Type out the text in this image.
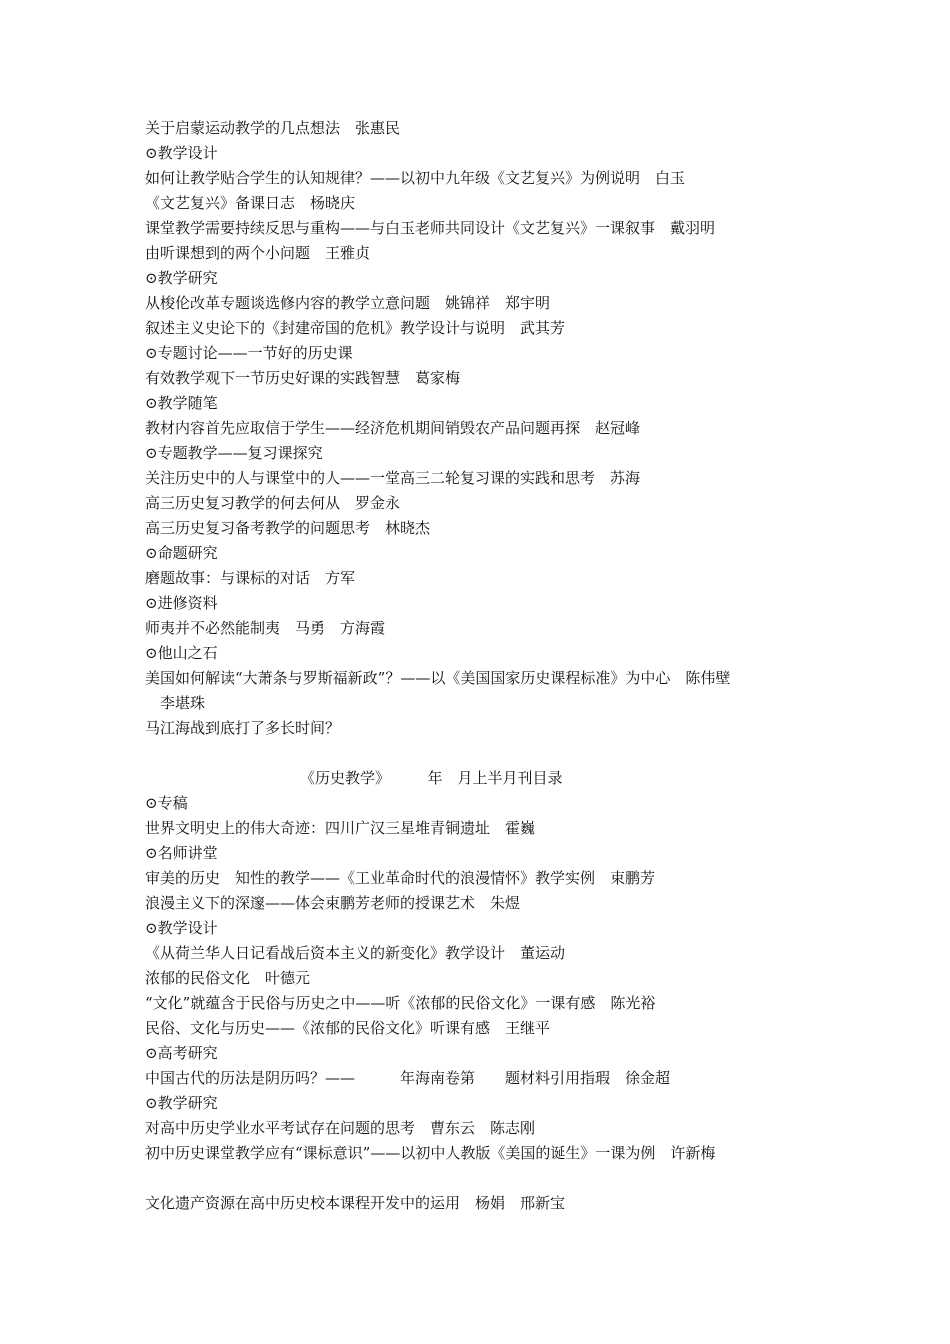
关于启蒙运动教学的几点想法　张惠民
⊙教学设计
如何让教学贴合学生的认知规律？——以初中九年级《文艺复兴》为例说明　白玉
《文艺复兴》备课日志　杨晓庆
课堂教学需要持续反思与重构——与白玉老师共同设计《文艺复兴》一课叙事　戴羽明
由听课想到的两个小问题　王雅贞
⊙教学研究
从梭伦改革专题谈选修内容的教学立意问题　姚锦祥　郑宇明
叙述主义史论下的《封建帝国的危机》教学设计与说明　武其芳
⊙专题讨论——一节好的历史课
有效教学观下一节历史好课的实践智慧　葛家梅
⊙教学随笔
教材内容首先应取信于学生——经济危机期间销毁农产品问题再探　赵冠峰
⊙专题教学——复习课探究
关注历史中的人与课堂中的人——一堂高三二轮复习课的实践和思考　苏海
高三历史复习教学的何去何从　罗金永
高三历史复习备考教学的问题思考　林晓杰
⊙命题研究
磨题故事：与课标的对话　方军
⊙进修资料
师夷并不必然能制夷　马勇　方海霞
⊙他山之石
美国如何解读“大萧条与罗斯福新政”？——以《美国国家历史课程标准》为中心　陈伟壁
　李堪珠
马江海战到底打了多长时间？
《历史教学》　　　年　月上半月刊目录
⊙专稿
世界文明史上的伟大奇迹：四川广汉三星堆青铜遗址　霍巍
⊙名师讲堂
审美的历史　知性的教学——《工业革命时代的浪漫情怀》教学实例　束鹏芳
浪漫主义下的深邃——体会束鹏芳老师的授课艺术　朱煜
⊙教学设计
《从荷兰华人日记看战后资本主义的新变化》教学设计　董运动
浓郁的民俗文化　叶德元
“文化”就蕴含于民俗与历史之中——听《浓郁的民俗文化》一课有感　陈光裕
民俗、文化与历史——《浓郁的民俗文化》听课有感　王继平
⊙高考研究
中国古代的历法是阴历吗？——　　　年海南卷第　　题材料引用指瑕　徐金超
⊙教学研究
对高中历史学业水平考试存在问题的思考　曹东云　陈志刚
初中历史课堂教学应有“课标意识”——以初中人教版《美国的诞生》一课为例　许新梅
文化遗产资源在高中历史校本课程开发中的运用　杨娟　邢新宝
